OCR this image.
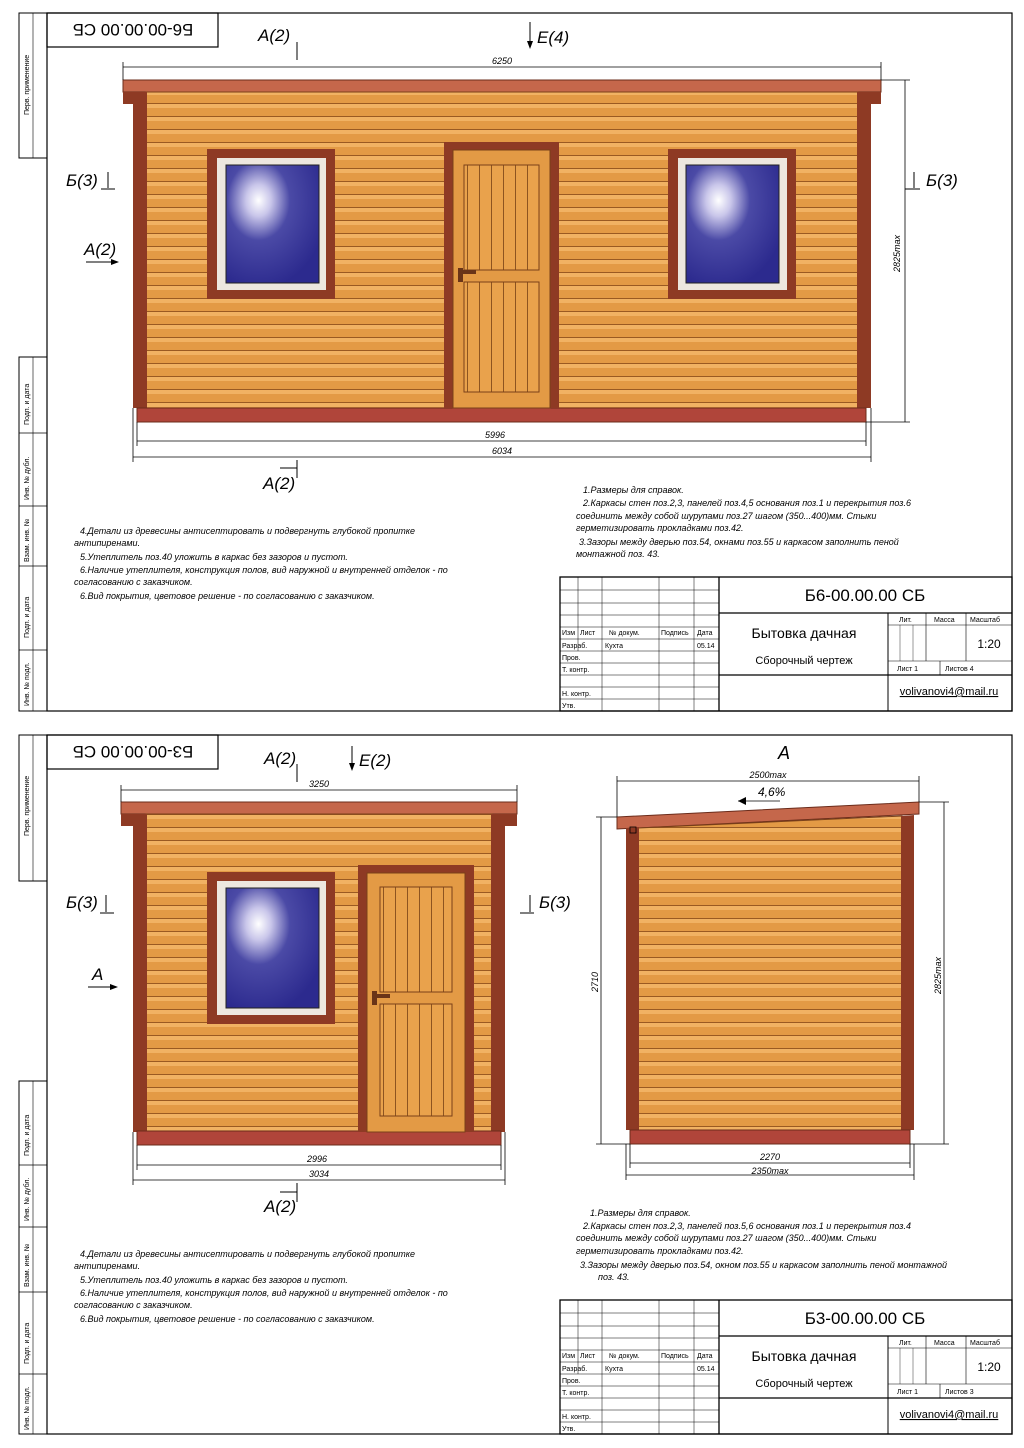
Перв. применение
Подп. и дата
Инв. № дубл.
Взам. инв. №
Подп. и дата
Инв. № подл.
Б6-00.00.00 СБ
6250
5996
6034
2825max
А(2)	Е(4)
Б(3)	Б(3)
А(2)
А(2)	1.Размеры для справок.
2.Каркасы стен поз.2,3, панелей поз.4,5 основания поз.1 и перекрытия поз.6
соединить между собой шурупами поз.27 шагом (350...400)мм. Стыки
герметизировать прокладками поз.42.
3.Зазоры между дверью поз.54, окнами поз.55 и каркасом заполнить пеной
монтажной поз. 43.
4.Детали из древесины антисептировать и подвергнуть глубокой пропитке
антипиренами.
5.Утеплитель поз.40 уложить в каркас без зазоров и пустот.
6.Наличие утеплителя, конструкция полов, вид наружной и внутренней отделок - по
согласованию с заказчиком.
6.Вид покрытия, цветовое решение - по согласованию с заказчиком.
Изм Лист № докум.	Подпись Дата
Разраб.	Кухта	05.14
Пров.
Т. контр.
Н. контр.
Утв.
Б6-00.00.00 СБ
Бытовка дачная
Сборочный чертеж
Лит.	Масса Масштаб
1:20
Лист 1	Листов 4
volivanovi4@mail.ru
Перв. применение
Подп. и дата
Инв. № дубл.
Взам. инв. №
Подп. и дата
Инв. № подл.
Б3-00.00.00 СБ
3250
2996
3034
А(2)	Е(2)
Б(3)	Б(3)
А
А(2)
А
2500max
4,6%
2710	2825max
2270
2350max
1.Размеры для справок.
2.Каркасы стен поз.2,3, панелей поз.5,6 основания поз.1 и перекрытия поз.4
соединить между собой шурупами поз.27 шагом (350...400)мм. Стыки
герметизировать прокладками поз.42.
3.Зазоры между дверью поз.54, окном поз.55 и каркасом заполнить пеной монтажной
поз. 43.
4.Детали из древесины антисептировать и подвергнуть глубокой пропитке
антипиренами.
5.Утеплитель поз.40 уложить в каркас без зазоров и пустот.
6.Наличие утеплителя, конструкция полов, вид наружной и внутренней отделок - по
согласованию с заказчиком.
6.Вид покрытия, цветовое решение - по согласованию с заказчиком.
Изм Лист № докум.	Подпись Дата
Разраб.	Кухта	05.14
Пров.
Т. контр.
Н. контр.
Утв.
Б3-00.00.00 СБ
Бытовка дачная
Сборочный чертеж
Лит.	Масса Масштаб
1:20
Лист 1	Листов 3
volivanovi4@mail.ru
